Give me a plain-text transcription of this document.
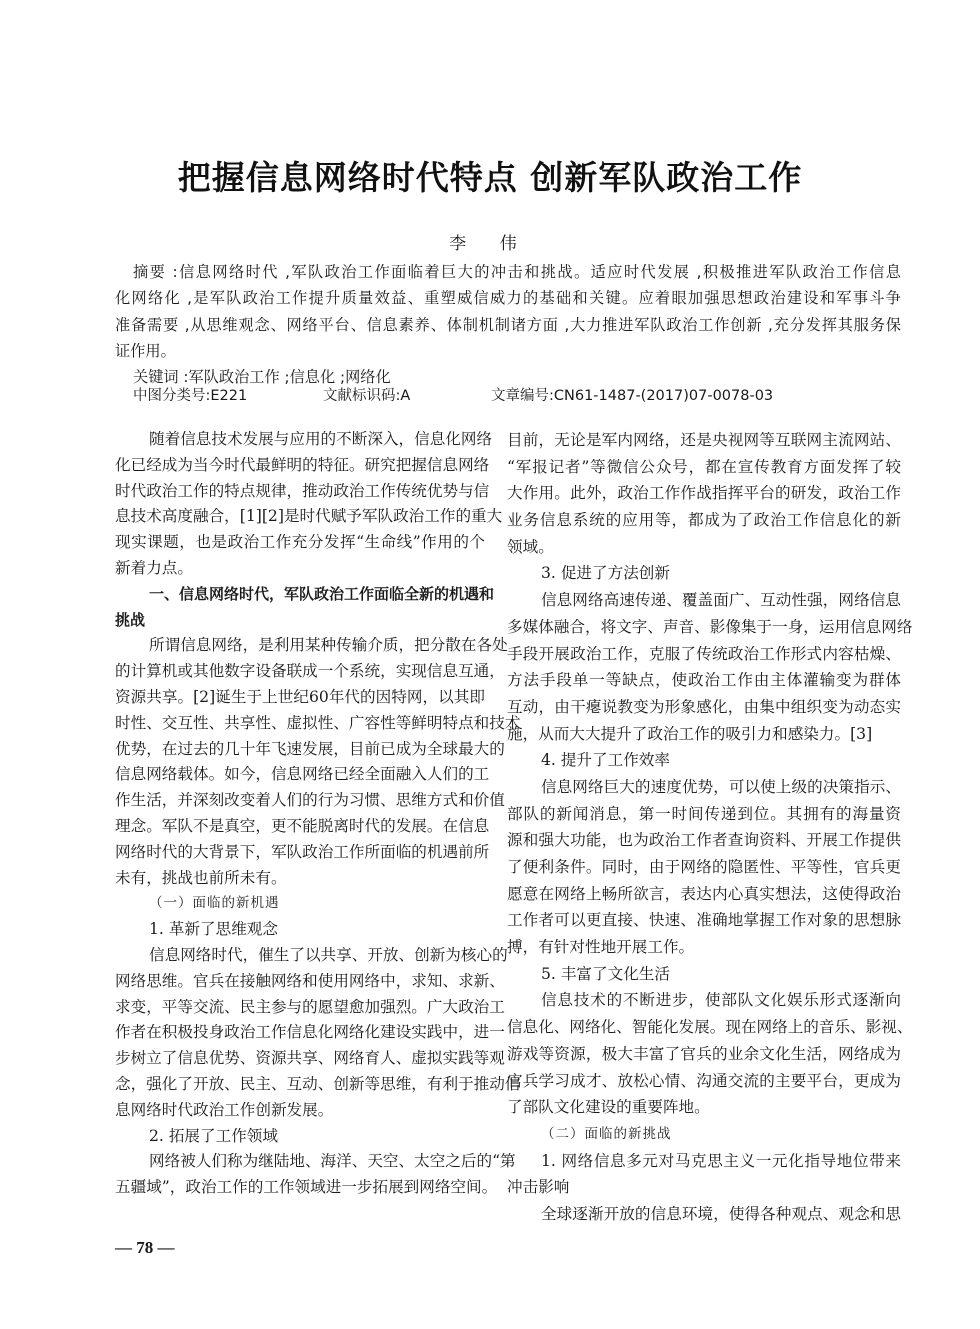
把握信息网络时代特点 创新军队政治工作
李 伟
摘要 :信息网络时代 ,军队政治工作面临着巨大的冲击和挑战。适应时代发展 ,积极推进军队政治工作信息
化网络化 ,是军队政治工作提升质量效益、重塑威信威力的基础和关键。应着眼加强思想政治建设和军事斗争
准备需要 ,从思维观念、网络平台、信息素养、体制机制诸方面 ,大力推进军队政治工作创新 ,充分发挥其服务保
证作用。
关键词 :军队政治工作 ;信息化 ;网络化
中图分类号:E221	文献标识码:A	文章编号:CN61-1487-(2017)07-0078-03
随着信息技术发展与应用的不断深入，信息化网络
化已经成为当今时代最鲜明的特征。研究把握信息网络
时代政治工作的特点规律，推动政治工作传统优势与信
息技术高度融合，[1][2]是时代赋予军队政治工作的重大
现实课题，也是政治工作充分发挥“生命线”作用的个
新着力点。
一、信息网络时代，军队政治工作面临全新的机遇和
挑战
所谓信息网络，是利用某种传输介质，把分散在各处
的计算机或其他数字设备联成一个系统，实现信息互通，
资源共享。[2]诞生于上世纪60年代的因特网，以其即
时性、交互性、共享性、虚拟性、广容性等鲜明特点和技术
优势，在过去的几十年飞速发展，目前已成为全球最大的
信息网络载体。如今，信息网络已经全面融入人们的工
作生活，并深刻改变着人们的行为习惯、思维方式和价值
理念。军队不是真空，更不能脱离时代的发展。在信息
网络时代的大背景下，军队政治工作所面临的机遇前所
未有，挑战也前所未有。
（一）面临的新机遇
1. 革新了思维观念
信息网络时代，催生了以共享、开放、创新为核心的
网络思维。官兵在接触网络和使用网络中，求知、求新、
求变，平等交流、民主参与的愿望愈加强烈。广大政治工
作者在积极投身政治工作信息化网络化建设实践中，进一
步树立了信息优势、资源共享、网络育人、虚拟实践等观
念，强化了开放、民主、互动、创新等思维，有利于推动信
息网络时代政治工作创新发展。
2. 拓展了工作领域
网络被人们称为继陆地、海洋、天空、太空之后的“第
五疆域”，政治工作的工作领域进一步拓展到网络空间。
目前，无论是军内网络，还是央视网等互联网主流网站、
“军报记者”等微信公众号，都在宣传教育方面发挥了较
大作用。此外，政治工作作战指挥平台的研发，政治工作
业务信息系统的应用等，都成为了政治工作信息化的新
领域。
3. 促进了方法创新
信息网络高速传递、覆盖面广、互动性强，网络信息
多媒体融合，将文字、声音、影像集于一身，运用信息网络
手段开展政治工作，克服了传统政治工作形式内容枯燥、
方法手段单一等缺点，使政治工作由主体灌输变为群体
互动，由干瘪说教变为形象感化，由集中组织变为动态实
施，从而大大提升了政治工作的吸引力和感染力。[3]
4. 提升了工作效率
信息网络巨大的速度优势，可以使上级的决策指示、
部队的新闻消息，第一时间传递到位。其拥有的海量资
源和强大功能，也为政治工作者查询资料、开展工作提供
了便利条件。同时，由于网络的隐匿性、平等性，官兵更
愿意在网络上畅所欲言，表达内心真实想法，这使得政治
工作者可以更直接、快速、准确地掌握工作对象的思想脉
搏，有针对性地开展工作。
5. 丰富了文化生活
信息技术的不断进步，使部队文化娱乐形式逐渐向
信息化、网络化、智能化发展。现在网络上的音乐、影视、
游戏等资源，极大丰富了官兵的业余文化生活，网络成为
官兵学习成才、放松心情、沟通交流的主要平台，更成为
了部队文化建设的重要阵地。
（二）面临的新挑战
1. 网络信息多元对马克思主义一元化指导地位带来
冲击影响
全球逐渐开放的信息环境，使得各种观点、观念和思
— 78 —
